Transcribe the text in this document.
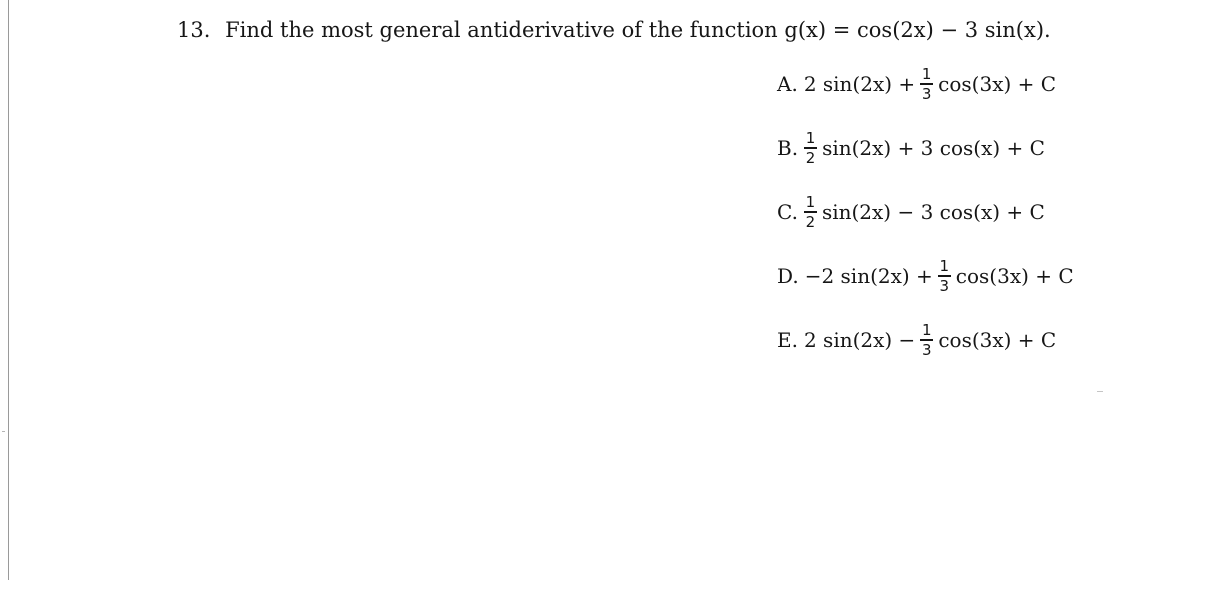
13. Find the most general antiderivative of the function g(x) = cos(2x) − 3 sin(x).
A. 2 $\sin(2x) + \frac{1}{3} \cos(3x) + C$
B. $\frac{1}{2} \sin(2x) + 3$ cos(x) + C
C. $\frac{1}{2} \sin(2x) - 3$ cos(x) + C
D. −2 $\sin(2x) + \frac{1}{3} \cos(3x) + C$
E. 2 $\sin(2x) - \frac{1}{3} \cos(3x) + C$
